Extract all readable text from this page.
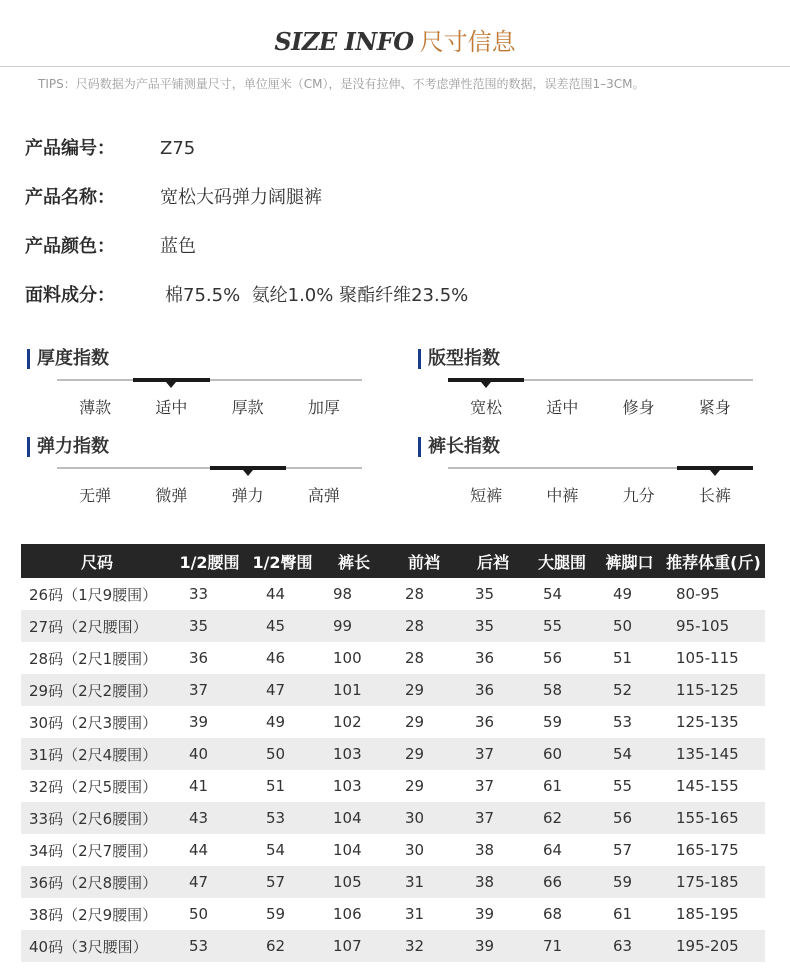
SIZE INFO 尺寸信息
TIPS：尺码数据为产品平铺测量尺寸，单位厘米（CM），是没有拉伸、不考虑弹性范围的数据，误差范围1–3CM。
产品编号：	Z75
产品名称：	宽松大码弹力阔腿裤
产品颜色：	蓝色
面料成分：	棉75.5%  氨纶1.0% 聚酯纤维23.5%
厚度指数
薄款	适中	厚款	加厚
版型指数
宽松	适中	修身	紧身
弹力指数
无弹	微弹	弹力	高弹
裤长指数
短裤	中裤	九分	长裤
尺码	1/2腰围	1/2臀围	裤长	前裆	后裆	大腿围	裤脚口	推荐体重(斤)
26码（1尺9腰围）	33	44	98	28	35	54	49	80-95
27码（2尺腰围）	35	45	99	28	35	55	50	95-105
28码（2尺1腰围）	36	46	100	28	36	56	51	105-115
29码（2尺2腰围）	37	47	101	29	36	58	52	115-125
30码（2尺3腰围）	39	49	102	29	36	59	53	125-135
31码（2尺4腰围）	40	50	103	29	37	60	54	135-145
32码（2尺5腰围）	41	51	103	29	37	61	55	145-155
33码（2尺6腰围）	43	53	104	30	37	62	56	155-165
34码（2尺7腰围）	44	54	104	30	38	64	57	165-175
36码（2尺8腰围）	47	57	105	31	38	66	59	175-185
38码（2尺9腰围）	50	59	106	31	39	68	61	185-195
40码（3尺腰围）	53	62	107	32	39	71	63	195-205
